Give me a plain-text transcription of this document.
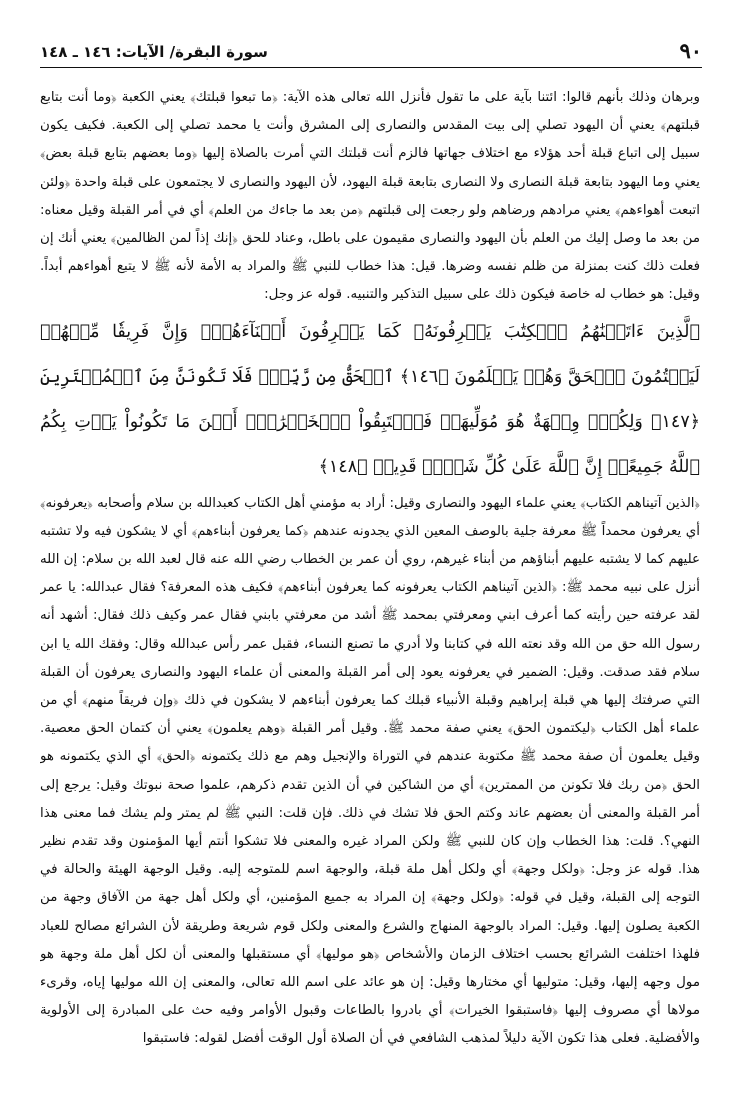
٩٠
سورة البقرة/ الآيات: ١٤٦ ـ ١٤٨

وبرهان وذلك بأنهم قالوا: ائتنا بآية على ما تقول فأنزل الله تعالى هذه الآية: ﴿ما تبعوا قبلتك﴾ يعني الكعبة ﴿وما أنت بتابع قبلتهم﴾ يعني أن اليهود تصلي إلى بيت المقدس والنصارى إلى المشرق وأنت يا محمد تصلي إلى الكعبة. فكيف يكون سبيل إلى اتباع قبلة أحد هؤلاء مع اختلاف جهاتها فالزم أنت قبلتك التي أمرت بالصلاة إليها ﴿وما بعضهم بتابع قبلة بعض﴾ يعني وما اليهود بتابعة قبلة النصارى ولا النصارى بتابعة قبلة اليهود، لأن اليهود والنصارى لا يجتمعون على قبلة واحدة ﴿ولئن اتبعت أهواءهم﴾ يعني مرادهم ورضاهم ولو رجعت إلى قبلتهم ﴿من بعد ما جاءك من العلم﴾ أي في أمر القبلة وقيل معناه: من بعد ما وصل إليك من العلم بأن اليهود والنصارى مقيمون على باطل، وعناد للحق ﴿إنك إذاً لمن الظالمين﴾ يعني أنك إن فعلت ذلك كنت بمنزلة من ظلم نفسه وضرها. قيل: هذا خطاب للنبي ﷺ والمراد به الأمة لأنه ﷺ لا يتبع أهواءهم أبداً. وقيل: هو خطاب له خاصة فيكون ذلك على سبيل التذكير والتنبيه. قوله عز وجل:

ٱلَّذِينَ ءَاتَيۡنَٰهُمُ ٱلۡكِتَٰبَ يَعۡرِفُونَهُۥ كَمَا يَعۡرِفُونَ أَبۡنَآءَهُمۡۖ وَإِنَّ فَرِيقٗا مِّنۡهُمۡ لَيَكۡتُمُونَ ٱلۡحَقَّ وَهُمۡ يَعۡلَمُونَ ﴿١٤٦﴾ ٱلۡحَقُّ مِن رَّبِّكَۖ فَلَا تَكُونَنَّ مِنَ ٱلۡمُمۡتَرِينَ ﴿١٤٧﴾ وَلِكُلّٖ وِجۡهَةٌ هُوَ مُوَلِّيهَاۖ فَٱسۡتَبِقُواْ ٱلۡخَيۡرَٰتِۚ أَيۡنَ مَا تَكُونُواْ يَأۡتِ بِكُمُ ٱللَّهُ جَمِيعًاۚ إِنَّ ٱللَّهَ عَلَىٰ كُلِّ شَيۡءٖ قَدِيرٞ ﴿١٤٨﴾

﴿الذين آتيناهم الكتاب﴾ يعني علماء اليهود والنصارى وقيل: أراد به مؤمني أهل الكتاب كعبدالله بن سلام وأصحابه ﴿يعرفونه﴾ أي يعرفون محمداً ﷺ معرفة جلية بالوصف المعين الذي يجدونه عندهم ﴿كما يعرفون أبناءهم﴾ أي لا يشكون فيه ولا تشتبه عليهم كما لا يشتبه عليهم أبناؤهم من أبناء غيرهم، روي أن عمر بن الخطاب رضي الله عنه قال لعبد الله بن سلام: إن الله أنزل على نبيه محمد ﷺ: ﴿الذين آتيناهم الكتاب يعرفونه كما يعرفون أبناءهم﴾ فكيف هذه المعرفة؟ فقال عبدالله: يا عمر لقد عرفته حين رأيته كما أعرف ابني ومعرفتي بمحمد ﷺ أشد من معرفتي بابني فقال عمر وكيف ذلك فقال: أشهد أنه رسول الله حق من الله وقد نعته الله في كتابنا ولا أدري ما تصنع النساء، فقبل عمر رأس عبدالله وقال: وفقك الله يا ابن سلام فقد صدقت. وقيل: الضمير في يعرفونه يعود إلى أمر القبلة والمعنى أن علماء اليهود والنصارى يعرفون أن القبلة التي صرفتك إليها هي قبلة إبراهيم وقبلة الأنبياء قبلك كما يعرفون أبناءهم لا يشكون في ذلك ﴿وإن فريقاً منهم﴾ أي من علماء أهل الكتاب ﴿ليكتمون الحق﴾ يعني صفة محمد ﷺ. وقيل أمر القبلة ﴿وهم يعلمون﴾ يعني أن كتمان الحق معصية. وقيل يعلمون أن صفة محمد ﷺ مكتوبة عندهم في التوراة والإنجيل وهم مع ذلك يكتمونه ﴿الحق﴾ أي الذي يكتمونه هو الحق ﴿من ربك فلا تكونن من الممترين﴾ أي من الشاكين في أن الذين تقدم ذكرهم، علموا صحة نبوتك وقيل: يرجع إلى أمر القبلة والمعنى أن بعضهم عاند وكتم الحق فلا تشك في ذلك. فإن قلت: النبي ﷺ لم يمتر ولم يشك فما معنى هذا النهي؟. قلت: هذا الخطاب وإن كان للنبي ﷺ ولكن المراد غيره والمعنى فلا تشكوا أنتم أيها المؤمنون وقد تقدم نظير هذا. قوله عز وجل: ﴿ولكل وجهة﴾ أي ولكل أهل ملة قبلة، والوجهة اسم للمتوجه إليه. وقيل الوجهة الهيئة والحالة في التوجه إلى القبلة، وقيل في قوله: ﴿ولكل وجهة﴾ إن المراد به جميع المؤمنين، أي ولكل أهل جهة من الآفاق وجهة من الكعبة يصلون إليها. وقيل: المراد بالوجهة المنهاج والشرع والمعنى ولكل قوم شريعة وطريقة لأن الشرائع مصالح للعباد فلهذا اختلفت الشرائع بحسب اختلاف الزمان والأشخاص ﴿هو موليها﴾ أي مستقبلها والمعنى أن لكل أهل ملة وجهة هو مول وجهه إليها، وقيل: متوليها أي مختارها وقيل: إن هو عائد على اسم الله تعالى، والمعنى إن الله موليها إياه، وقرىء مولاها أي مصروف إليها ﴿فاستبقوا الخيرات﴾ أي بادروا بالطاعات وقبول الأوامر وفيه حث على المبادرة إلى الأولوية والأفضلية. فعلى هذا تكون الآية دليلاً لمذهب الشافعي في أن الصلاة أول الوقت أفضل لقوله: فاستبقوا
